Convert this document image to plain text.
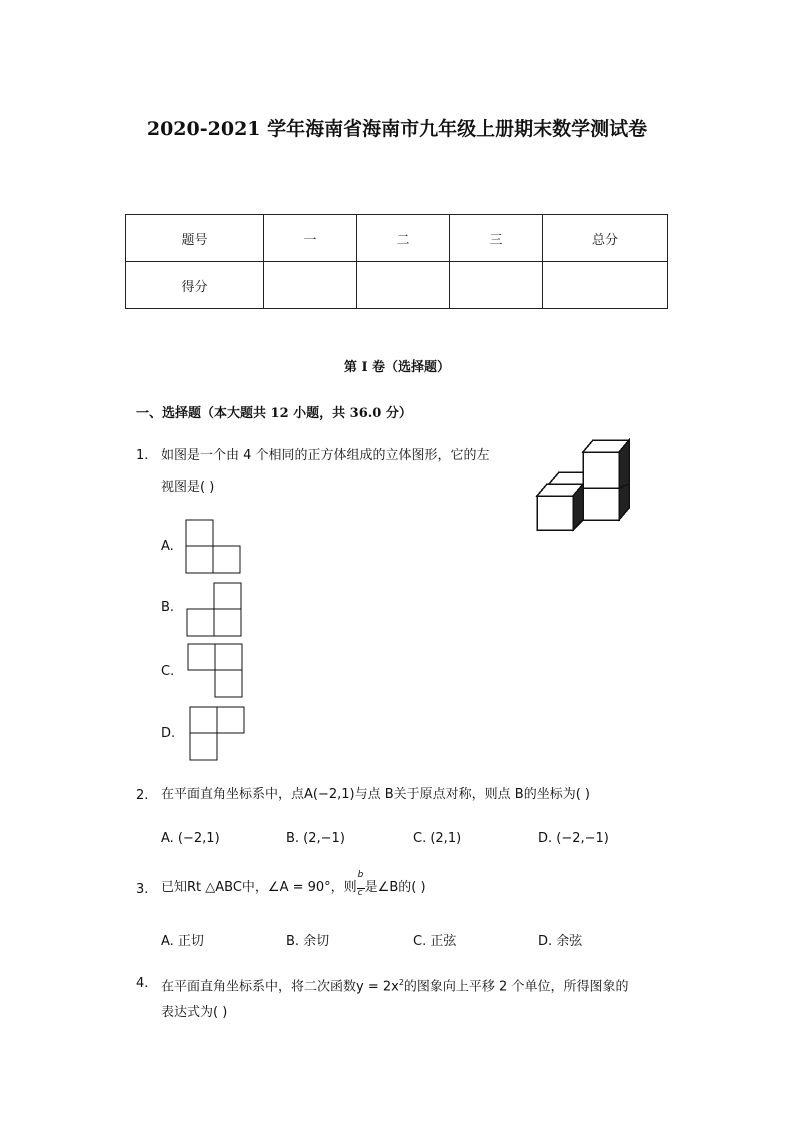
2020-2021 学年海南省海南市九年级上册期末数学测试卷
题号	一	二	三	总分
得分				
第 I 卷（选择题）
一、选择题（本大题共 12 小题，共 36.0 分）
1. 如图是一个由 4 个相同的正方体组成的立体图形，它的左
视图是( )
A.
B.
C.
D.
2. 在平面直角坐标系中，点A(−2,1)与点 B关于原点对称，则点 B的坐标为( )
A. (−2,1)	B. (2,−1)	C. (2,1)	D. (−2,−1)
3. 已知Rt △ABC中，∠A = 90°，则 $\frac{b}{c}$ 是∠B的( )
A. 正切	B. 余切	C. 正弦	D. 余弦
4. 在平面直角坐标系中，将二次函数$y = 2x^2$的图象向上平移 2 个单位，所得图象的
表达式为( )
